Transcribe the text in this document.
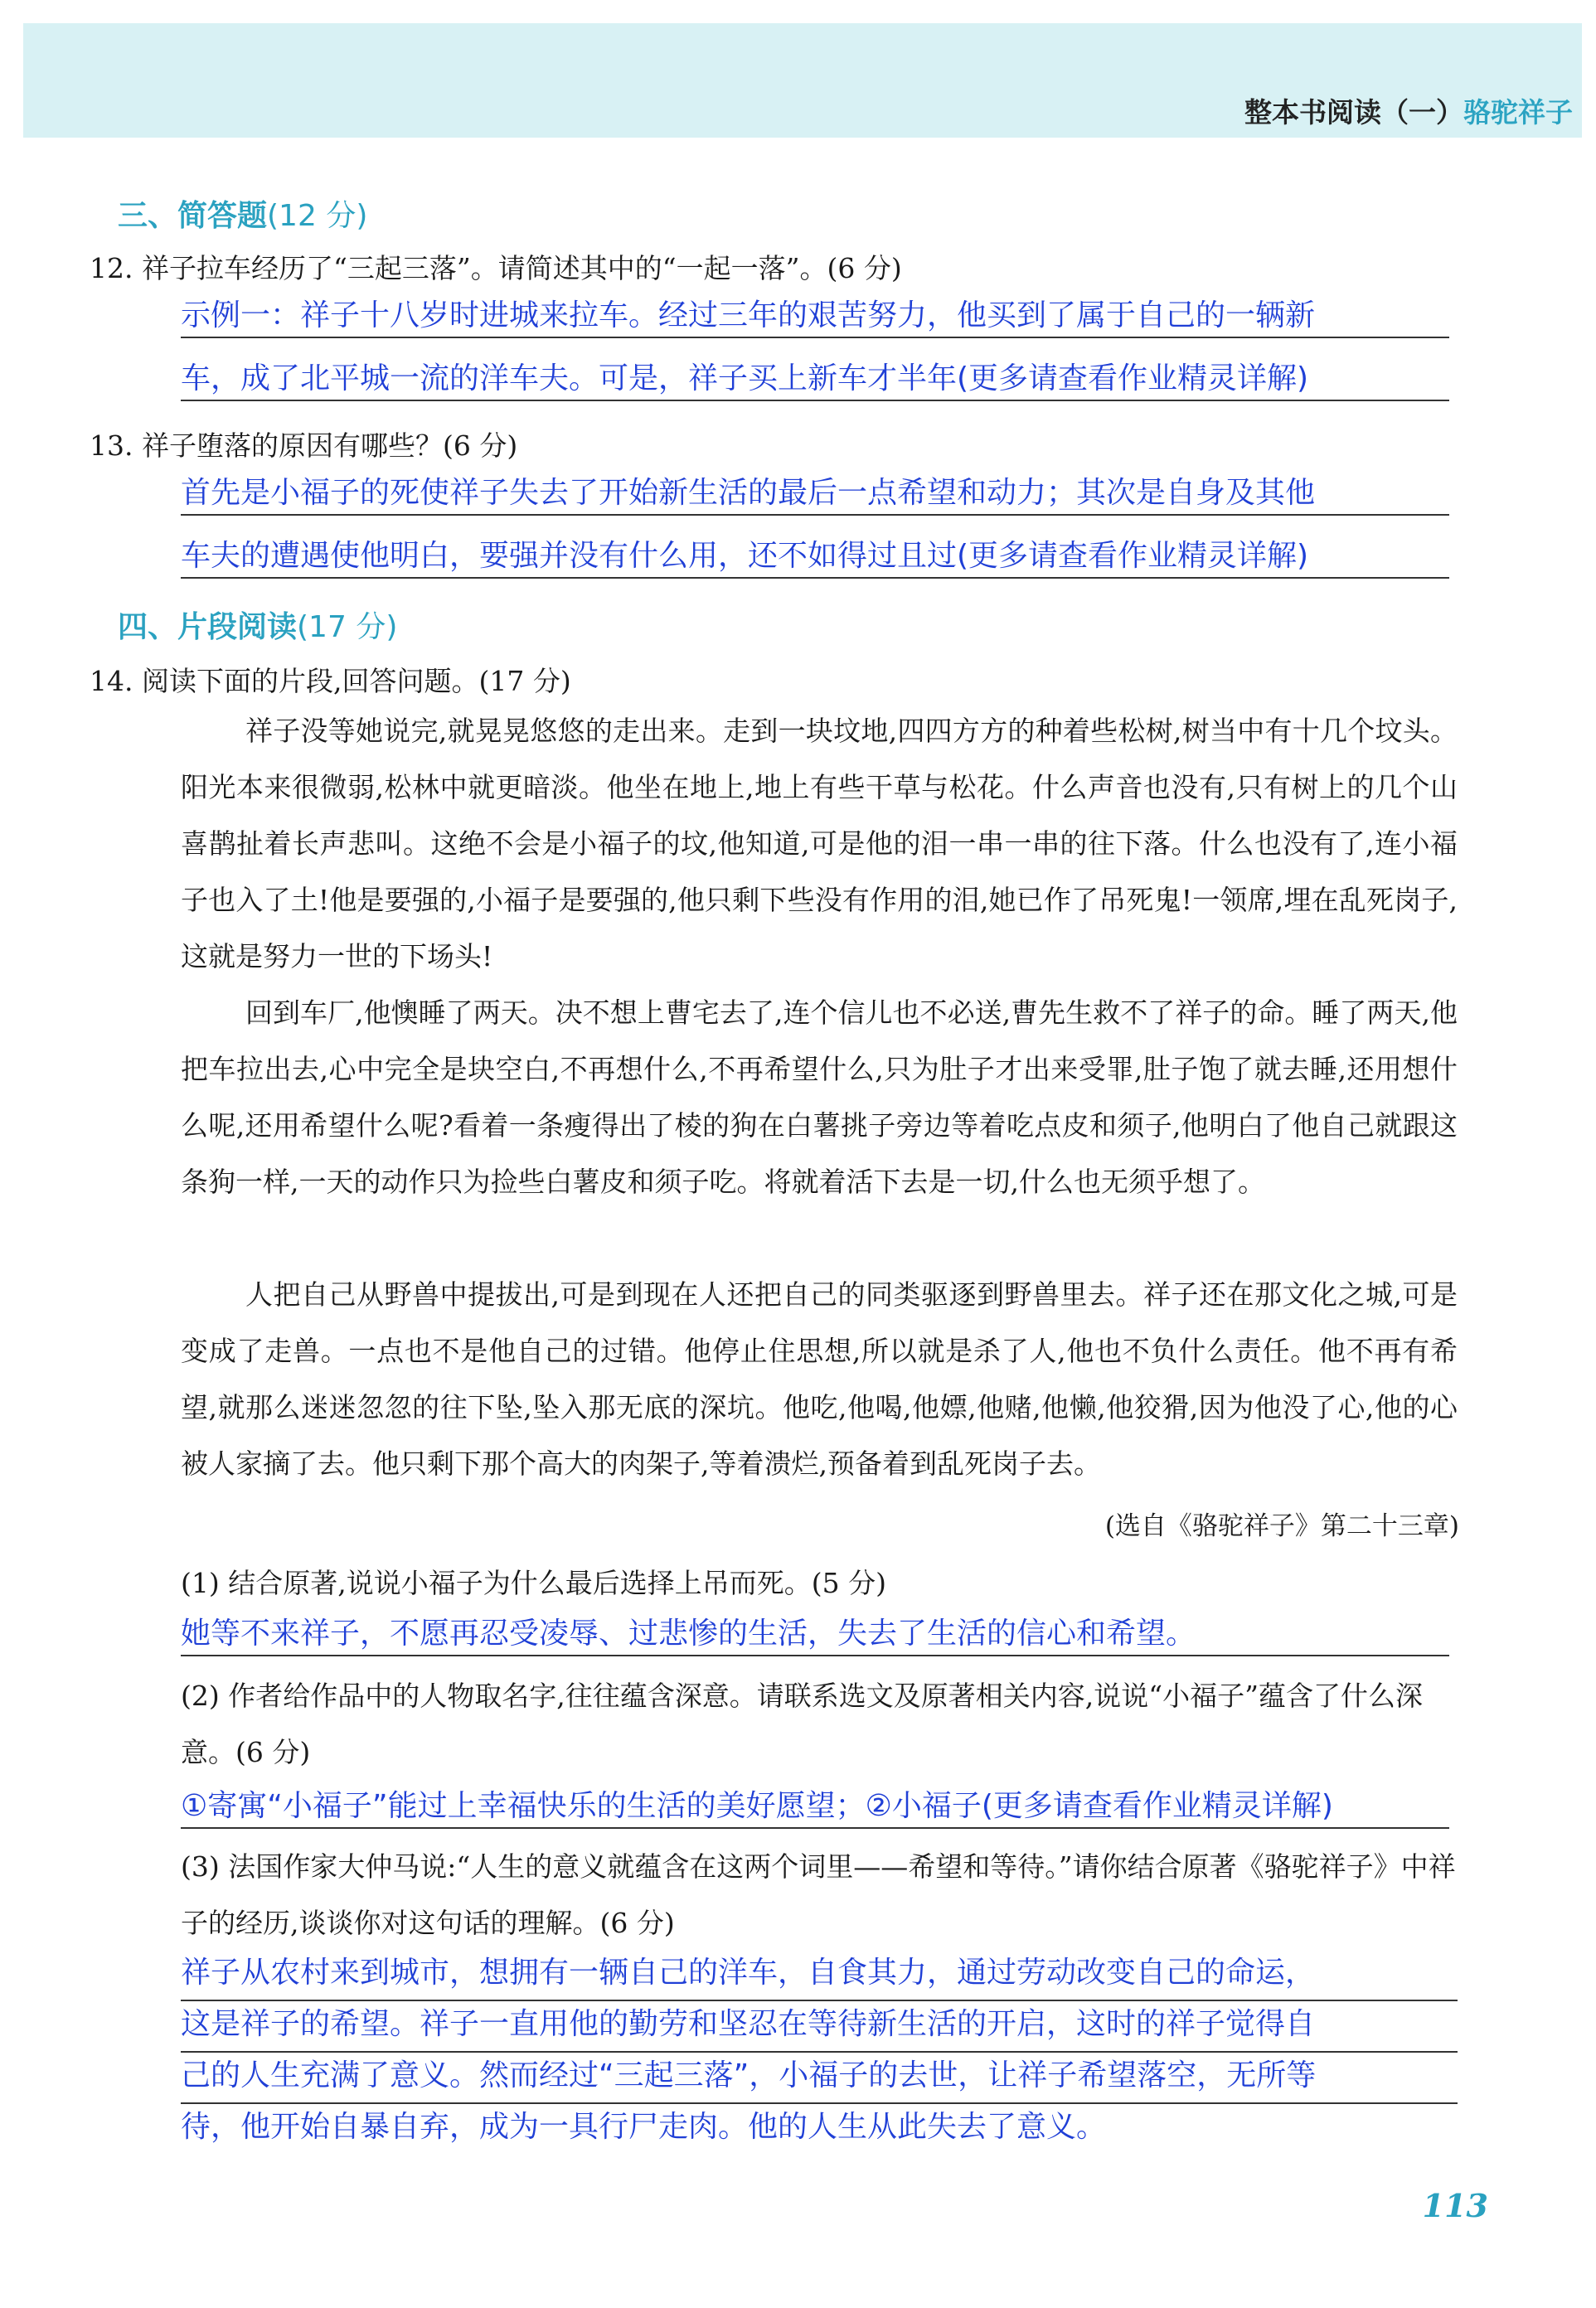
整本书阅读（一） 骆驼祥子
三、简答题(12 分)
12. 祥子拉车经历了“三起三落”。请简述其中的“一起一落”。(6 分)
示例一：祥子十八岁时进城来拉车。经过三年的艰苦努力，他买到了属于自己的一辆新
车，成了北平城一流的洋车夫。可是，祥子买上新车才半年(更多请查看作业精灵详解)
13. 祥子堕落的原因有哪些？(6 分)
首先是小福子的死使祥子失去了开始新生活的最后一点希望和动力；其次是自身及其他
车夫的遭遇使他明白，要强并没有什么用，还不如得过且过(更多请查看作业精灵详解)
四、片段阅读(17 分)
14. 阅读下面的片段,回答问题。(17 分)
祥子没等她说完,就晃晃悠悠的走出来。走到一块坟地,四四方方的种着些松树,树当中有十几个坟头。阳光本来很微弱,松林中就更暗淡。他坐在地上,地上有些干草与松花。什么声音也没有,只有树上的几个山喜鹊扯着长声悲叫。这绝不会是小福子的坟,他知道,可是他的泪一串一串的往下落。什么也没有了,连小福子也入了土!他是要强的,小福子是要强的,他只剩下些没有作用的泪,她已作了吊死鬼!一领席,埋在乱死岗子,这就是努力一世的下场头!
回到车厂,他懊睡了两天。决不想上曹宅去了,连个信儿也不必送,曹先生救不了祥子的命。睡了两天,他把车拉出去,心中完全是块空白,不再想什么,不再希望什么,只为肚子才出来受罪,肚子饱了就去睡,还用想什么呢,还用希望什么呢?看着一条瘦得出了棱的狗在白薯挑子旁边等着吃点皮和须子,他明白了他自己就跟这条狗一样,一天的动作只为捡些白薯皮和须子吃。将就着活下去是一切,什么也无须乎想了。
人把自己从野兽中提拔出,可是到现在人还把自己的同类驱逐到野兽里去。祥子还在那文化之城,可是变成了走兽。一点也不是他自己的过错。他停止住思想,所以就是杀了人,他也不负什么责任。他不再有希望,就那么迷迷忽忽的往下坠,坠入那无底的深坑。他吃,他喝,他嫖,他赌,他懒,他狡猾,因为他没了心,他的心被人家摘了去。他只剩下那个高大的肉架子,等着溃烂,预备着到乱死岗子去。
(选自《骆驼祥子》第二十三章)
(1) 结合原著,说说小福子为什么最后选择上吊而死。(5 分)
她等不来祥子，不愿再忍受凌辱、过悲惨的生活，失去了生活的信心和希望。
(2) 作者给作品中的人物取名字,往往蕴含深意。请联系选文及原著相关内容,说说“小福子”蕴含了什么深意。(6 分)
①寄寓“小福子”能过上幸福快乐的生活的美好愿望；②小福子(更多请查看作业精灵详解)
(3) 法国作家大仲马说:“人生的意义就蕴含在这两个词里——希望和等待。”请你结合原著《骆驼祥子》中祥子的经历,谈谈你对这句话的理解。(6 分)
祥子从农村来到城市，想拥有一辆自己的洋车，自食其力，通过劳动改变自己的命运，
这是祥子的希望。祥子一直用他的勤劳和坚忍在等待新生活的开启，这时的祥子觉得自
己的人生充满了意义。然而经过“三起三落”，小福子的去世，让祥子希望落空，无所等
待，他开始自暴自弃，成为一具行尸走肉。他的人生从此失去了意义。
113
